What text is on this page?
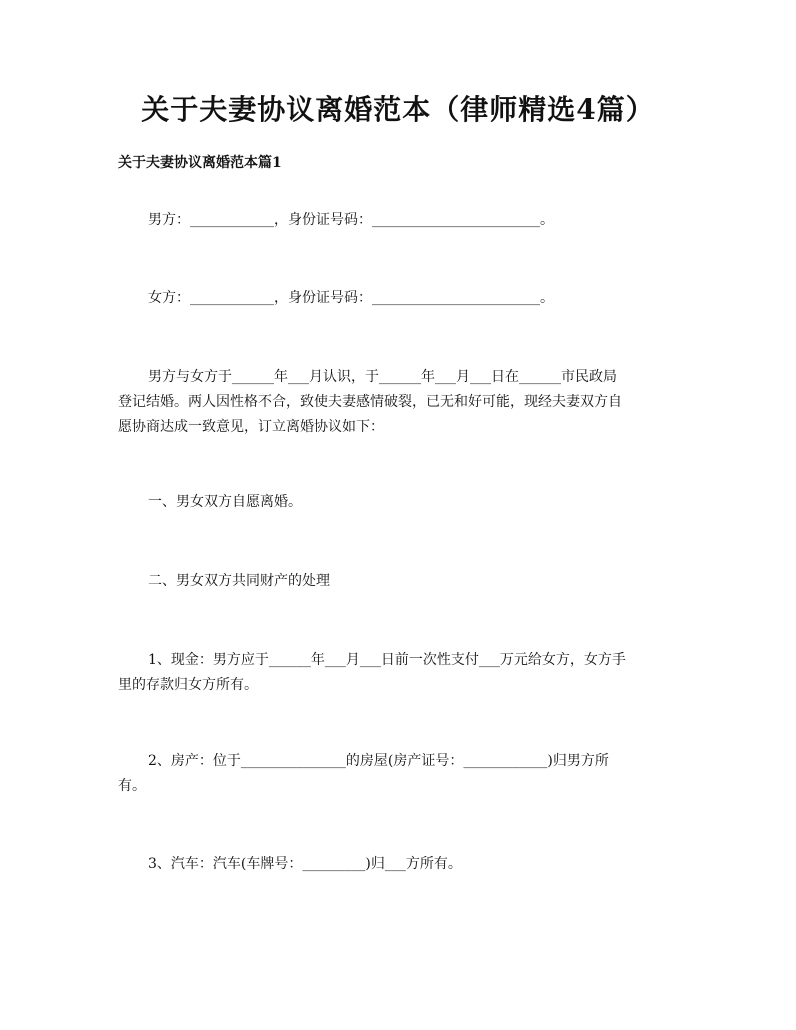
关于夫妻协议离婚范本（律师精选4篇）
关于夫妻协议离婚范本篇1
男方：____________，身份证号码：________________________。
女方：____________，身份证号码：________________________。
男方与女方于______年___月认识，于______年___月___日在______市民政局
登记结婚。两人因性格不合，致使夫妻感情破裂，已无和好可能，现经夫妻双方自
愿协商达成一致意见，订立离婚协议如下：
一、男女双方自愿离婚。
二、男女双方共同财产的处理
1、现金：男方应于______年___月___日前一次性支付___万元给女方，女方手
里的存款归女方所有。
2、房产：位于_______________的房屋(房产证号：____________)归男方所
有。
3、汽车：汽车(车牌号：_________)归___方所有。
